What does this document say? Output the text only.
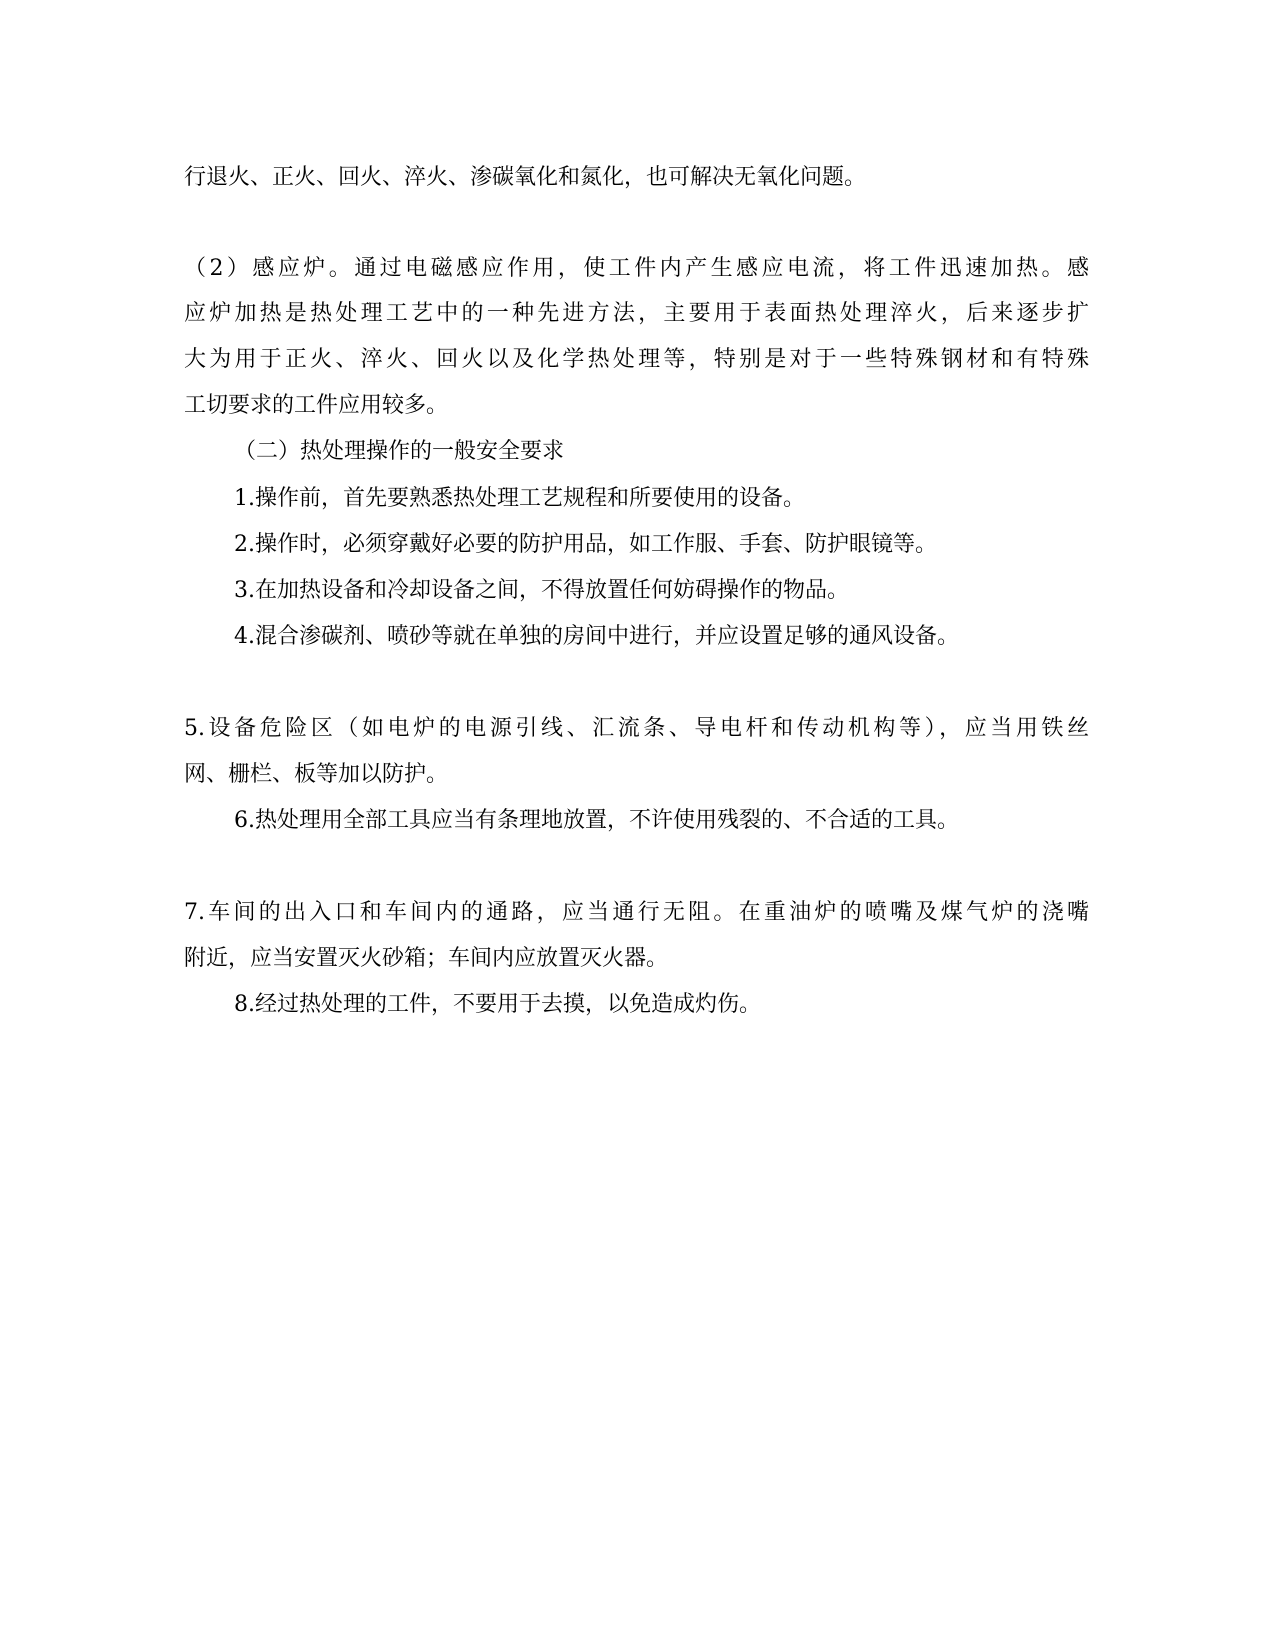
行退火、正火、回火、淬火、渗碳氧化和氮化，也可解决无氧化问题。
（2）感应炉。通过电磁感应作用，使工件内产生感应电流，将工件迅速加热。感
应炉加热是热处理工艺中的一种先进方法，主要用于表面热处理淬火，后来逐步扩
大为用于正火、淬火、回火以及化学热处理等，特别是对于一些特殊钢材和有特殊
工切要求的工件应用较多。
（二）热处理操作的一般安全要求
1.操作前，首先要熟悉热处理工艺规程和所要使用的设备。
2.操作时，必须穿戴好必要的防护用品，如工作服、手套、防护眼镜等。
3.在加热设备和冷却设备之间，不得放置任何妨碍操作的物品。
4.混合渗碳剂、喷砂等就在单独的房间中进行，并应设置足够的通风设备。
5.设备危险区（如电炉的电源引线、汇流条、导电杆和传动机构等），应当用铁丝
网、栅栏、板等加以防护。
6.热处理用全部工具应当有条理地放置，不许使用残裂的、不合适的工具。
7.车间的出入口和车间内的通路，应当通行无阻。在重油炉的喷嘴及煤气炉的浇嘴
附近，应当安置灭火砂箱；车间内应放置灭火器。
8.经过热处理的工件，不要用于去摸，以免造成灼伤。
